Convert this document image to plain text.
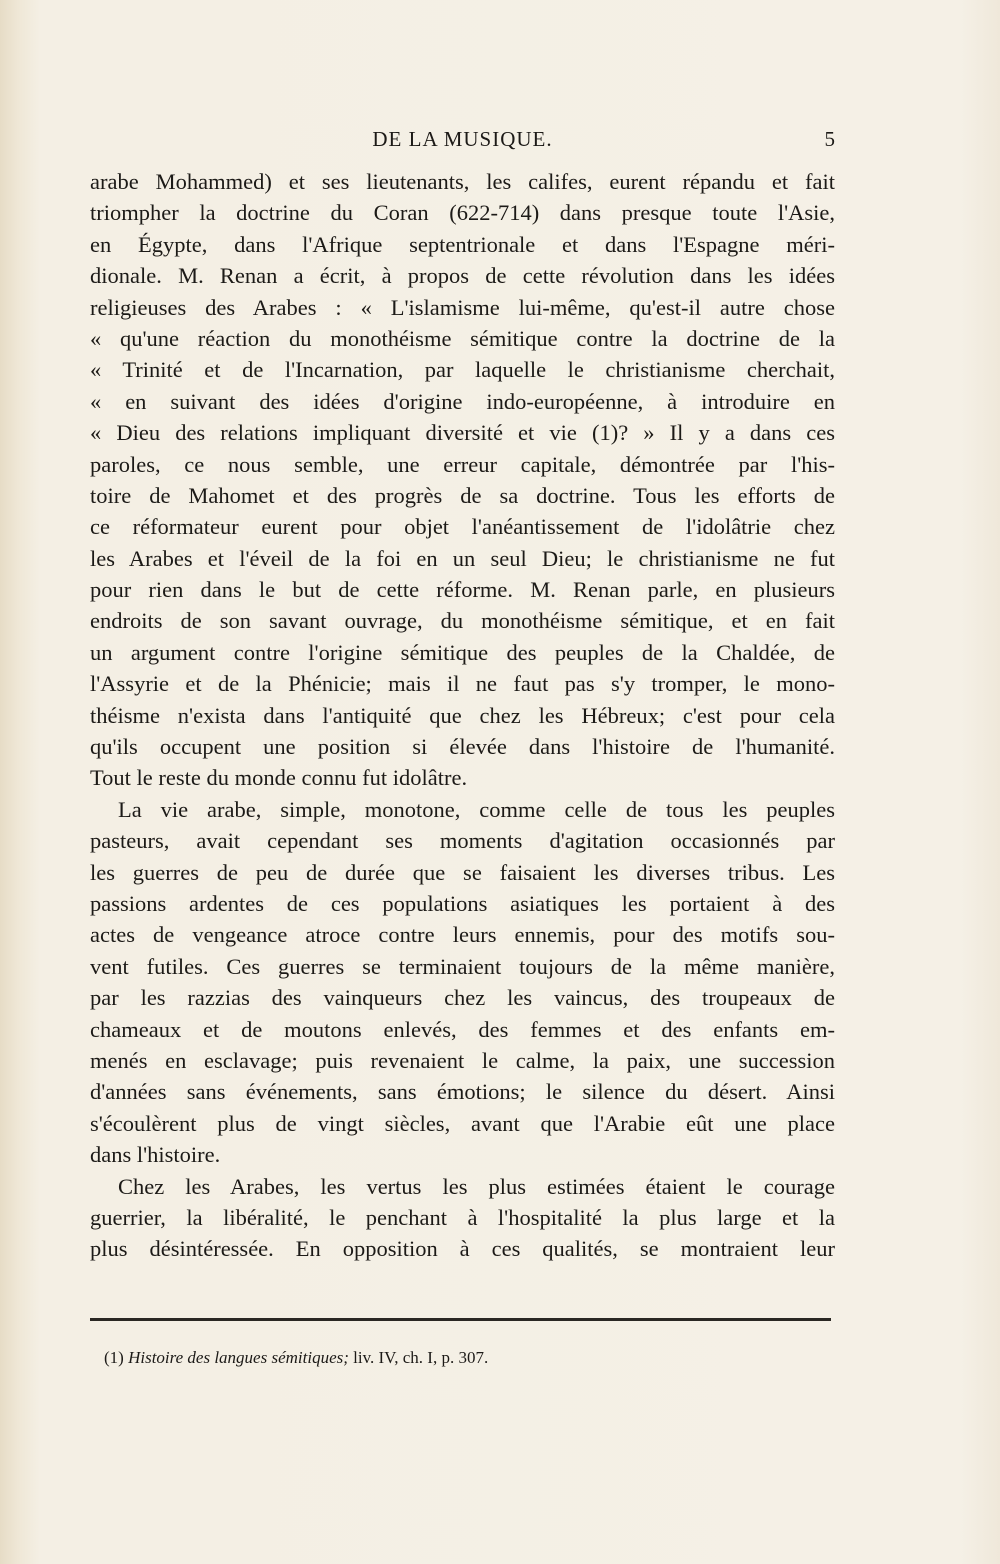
DE LA MUSIQUE.	5
arabe Mohammed) et ses lieutenants, les califes, eurent répandu et fait
triompher la doctrine du Coran (622-714) dans presque toute l'Asie,
en Égypte, dans l'Afrique septentrionale et dans l'Espagne méri-
dionale. M. Renan a écrit, à propos de cette révolution dans les idées
religieuses des Arabes : « L'islamisme lui-même, qu'est-il autre chose
« qu'une réaction du monothéisme sémitique contre la doctrine de la
« Trinité et de l'Incarnation, par laquelle le christianisme cherchait,
« en suivant des idées d'origine indo-européenne, à introduire en
« Dieu des relations impliquant diversité et vie (1)? » Il y a dans ces
paroles, ce nous semble, une erreur capitale, démontrée par l'his-
toire de Mahomet et des progrès de sa doctrine. Tous les efforts de
ce réformateur eurent pour objet l'anéantissement de l'idolâtrie chez
les Arabes et l'éveil de la foi en un seul Dieu; le christianisme ne fut
pour rien dans le but de cette réforme. M. Renan parle, en plusieurs
endroits de son savant ouvrage, du monothéisme sémitique, et en fait
un argument contre l'origine sémitique des peuples de la Chaldée, de
l'Assyrie et de la Phénicie; mais il ne faut pas s'y tromper, le mono-
théisme n'exista dans l'antiquité que chez les Hébreux; c'est pour cela
qu'ils occupent une position si élevée dans l'histoire de l'humanité.
Tout le reste du monde connu fut idolâtre.
La vie arabe, simple, monotone, comme celle de tous les peuples
pasteurs, avait cependant ses moments d'agitation occasionnés par
les guerres de peu de durée que se faisaient les diverses tribus. Les
passions ardentes de ces populations asiatiques les portaient à des
actes de vengeance atroce contre leurs ennemis, pour des motifs sou-
vent futiles. Ces guerres se terminaient toujours de la même manière,
par les razzias des vainqueurs chez les vaincus, des troupeaux de
chameaux et de moutons enlevés, des femmes et des enfants em-
menés en esclavage; puis revenaient le calme, la paix, une succession
d'années sans événements, sans émotions; le silence du désert. Ainsi
s'écoulèrent plus de vingt siècles, avant que l'Arabie eût une place
dans l'histoire.
Chez les Arabes, les vertus les plus estimées étaient le courage
guerrier, la libéralité, le penchant à l'hospitalité la plus large et la
plus désintéressée. En opposition à ces qualités, se montraient leur
(1) Histoire des langues sémitiques; liv. IV, ch. I, p. 307.
